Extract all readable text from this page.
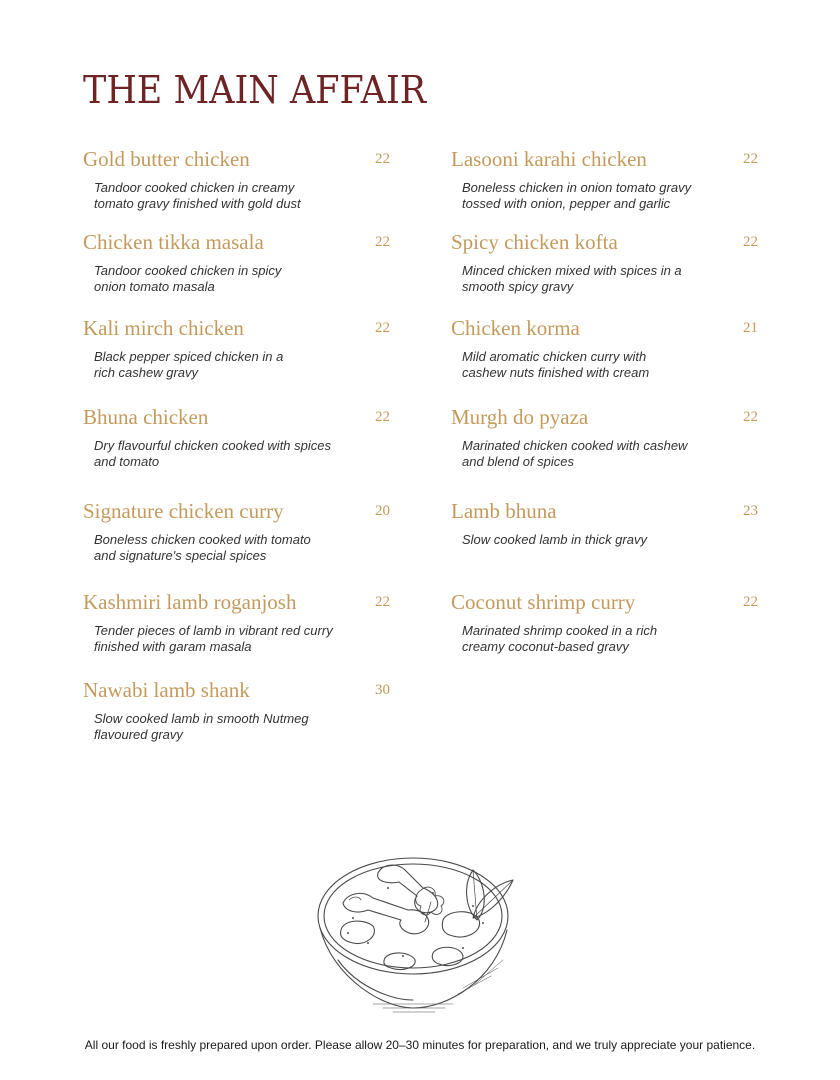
THE MAIN AFFAIR
Gold butter chicken	22
Tandoor cooked chicken in creamy
tomato gravy finished with gold dust
Chicken tikka masala	22
Tandoor cooked chicken in spicy
onion tomato masala
Kali mirch chicken	22
Black pepper spiced chicken in a
rich cashew gravy
Bhuna chicken	22
Dry flavourful chicken cooked with spices
and tomato
Signature chicken curry	20
Boneless chicken cooked with tomato
and signature's special spices
Kashmiri lamb roganjosh	22
Tender pieces of lamb in vibrant red curry
finished with garam masala
Nawabi lamb shank	30
Slow cooked lamb in smooth Nutmeg
flavoured gravy
Lasooni karahi chicken	22
Boneless chicken in onion tomato gravy
tossed with onion, pepper and garlic
Spicy chicken kofta	22
Minced chicken mixed with spices in a
smooth spicy gravy
Chicken korma	21
Mild aromatic chicken curry with
cashew nuts finished with cream
Murgh do pyaza	22
Marinated chicken cooked with cashew
and blend of spices
Lamb bhuna	23
Slow cooked lamb in thick gravy
Coconut shrimp curry	22
Marinated shrimp cooked in a rich
creamy coconut-based gravy
All our food is freshly prepared upon order. Please allow 20–30 minutes for preparation, and we truly appreciate your patience.
